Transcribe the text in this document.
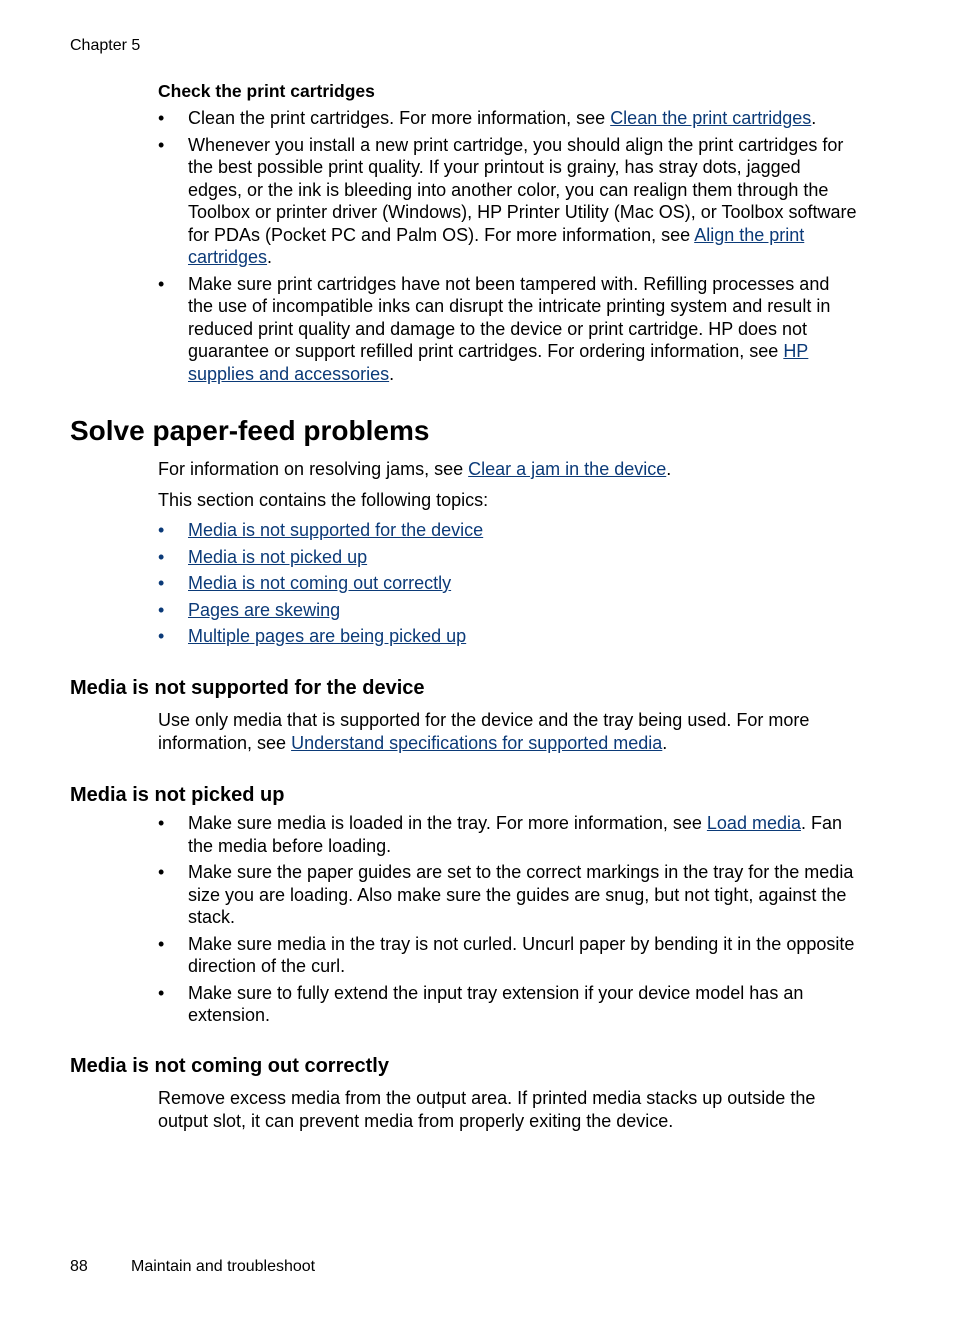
Chapter 5
Check the print cartridges
• Clean the print cartridges. For more information, see Clean the print cartridges.
• Whenever you install a new print cartridge, you should align the print cartridges for the best possible print quality. If your printout is grainy, has stray dots, jagged edges, or the ink is bleeding into another color, you can realign them through the Toolbox or printer driver (Windows), HP Printer Utility (Mac OS), or Toolbox software for PDAs (Pocket PC and Palm OS). For more information, see Align the print cartridges.
• Make sure print cartridges have not been tampered with. Refilling processes and the use of incompatible inks can disrupt the intricate printing system and result in reduced print quality and damage to the device or print cartridge. HP does not guarantee or support refilled print cartridges. For ordering information, see HP supplies and accessories.
Solve paper-feed problems
For information on resolving jams, see Clear a jam in the device.
This section contains the following topics:
• Media is not supported for the device
• Media is not picked up
• Media is not coming out correctly
• Pages are skewing
• Multiple pages are being picked up
Media is not supported for the device
Use only media that is supported for the device and the tray being used. For more information, see Understand specifications for supported media.
Media is not picked up
• Make sure media is loaded in the tray. For more information, see Load media. Fan the media before loading.
• Make sure the paper guides are set to the correct markings in the tray for the media size you are loading. Also make sure the guides are snug, but not tight, against the stack.
• Make sure media in the tray is not curled. Uncurl paper by bending it in the opposite direction of the curl.
• Make sure to fully extend the input tray extension if your device model has an extension.
Media is not coming out correctly
Remove excess media from the output area. If printed media stacks up outside the output slot, it can prevent media from properly exiting the device.
88	Maintain and troubleshoot
